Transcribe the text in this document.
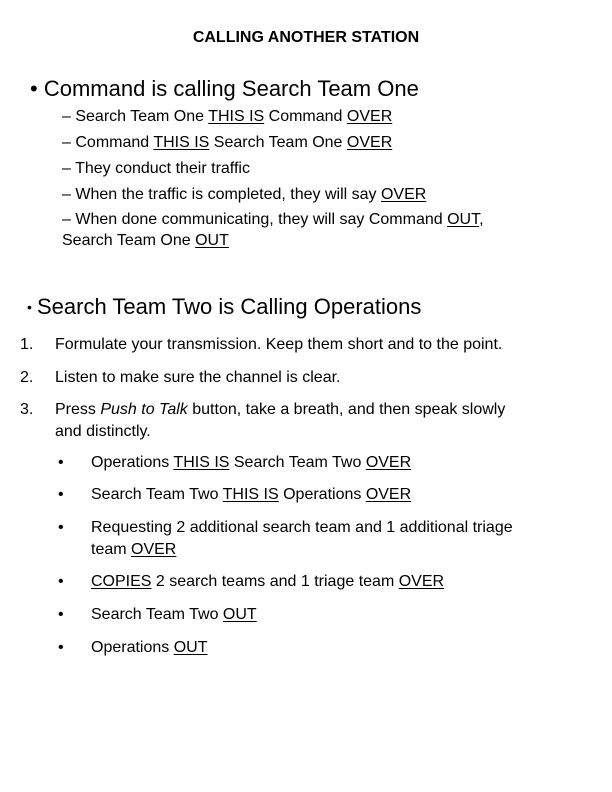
CALLING ANOTHER STATION
• Command is calling Search Team One
– Search Team One THIS IS Command OVER
– Command THIS IS Search Team One OVER
– They conduct their traffic
– When the traffic is completed, they will say OVER
– When done communicating, they will say Command OUT,
Search Team One OUT
• Search Team Two is Calling Operations
1. Formulate your transmission. Keep them short and to the point.
2. Listen to make sure the channel is clear.
3. Press Push to Talk button, take a breath, and then speak slowly
and distinctly.
• Operations THIS IS Search Team Two OVER
• Search Team Two THIS IS Operations OVER
• Requesting 2 additional search team and 1 additional triage
team OVER
• COPIES 2 search teams and 1 triage team OVER
• Search Team Two OUT
• Operations OUT
